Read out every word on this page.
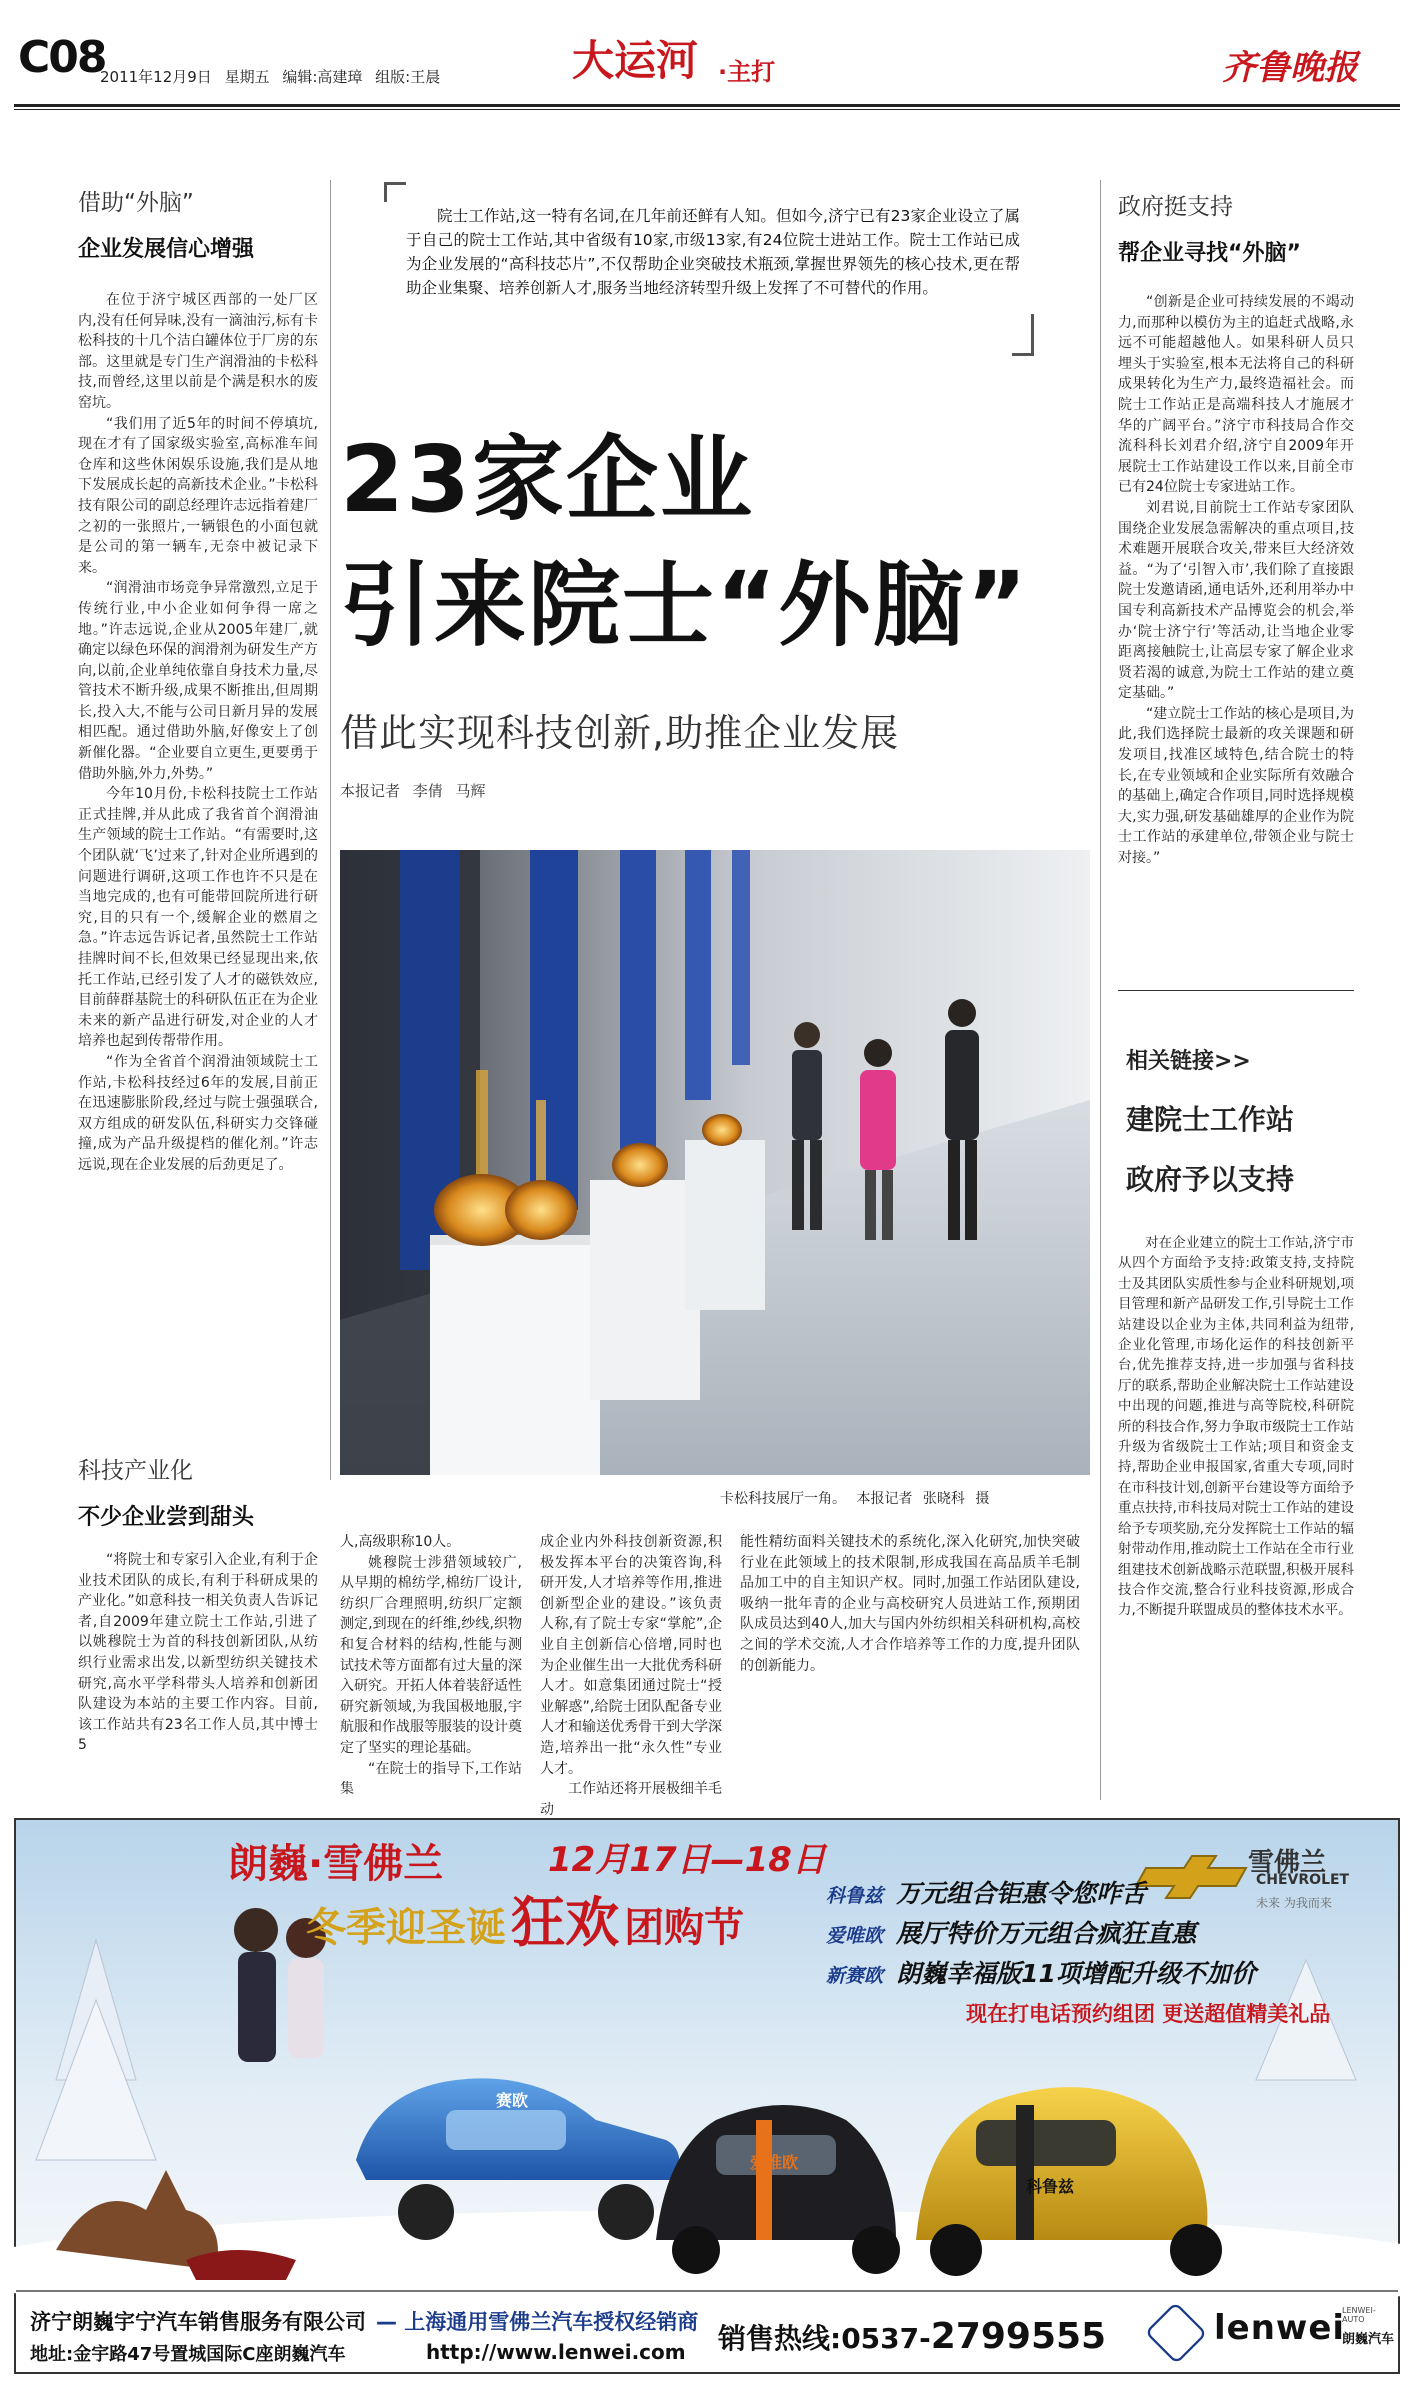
C08
2011年12月9日 星期五 编辑:高建璋 组版:王晨	大运河 ·主打	齐鲁晚报
借助“外脑”
企业发展信心增强

在位于济宁城区西部的一处厂区内,没有任何异味,没有一滴油污,标有卡松科技的十几个洁白罐体位于厂房的东部。这里就是专门生产润滑油的卡松科技,而曾经,这里以前是个满是积水的废窑坑。

“我们用了近5年的时间不停填坑,现在才有了国家级实验室,高标准车间仓库和这些休闲娱乐设施,我们是从地下发展成长起的高新技术企业。”卡松科技有限公司的副总经理许志远指着建厂之初的一张照片,一辆银色的小面包就是公司的第一辆车,无奈中被记录下来。

“润滑油市场竞争异常激烈,立足于传统行业,中小企业如何争得一席之地。”许志远说,企业从2005年建厂,就确定以绿色环保的润滑剂为研发生产方向,以前,企业单纯依靠自身技术力量,尽管技术不断升级,成果不断推出,但周期长,投入大,不能与公司日新月异的发展相匹配。通过借助外脑,好像安上了创新催化器。“企业要自立更生,更要勇于借助外脑,外力,外势。”

今年10月份,卡松科技院士工作站正式挂牌,并从此成了我省首个润滑油生产领域的院士工作站。“有需要时,这个团队就‘飞’过来了,针对企业所遇到的问题进行调研,这项工作也许不只是在当地完成的,也有可能带回院所进行研究,目的只有一个,缓解企业的燃眉之急。”许志远告诉记者,虽然院士工作站挂牌时间不长,但效果已经显现出来,依托工作站,已经引发了人才的磁铁效应,目前薛群基院士的科研队伍正在为企业未来的新产品进行研发,对企业的人才培养也起到传帮带作用。

“作为全省首个润滑油领域院士工作站,卡松科技经过6年的发展,目前正在迅速膨胀阶段,经过与院士强强联合,双方组成的研发队伍,科研实力交锋碰撞,成为产品升级提档的催化剂。”许志远说,现在企业发展的后劲更足了。

科技产业化
不少企业尝到甜头

“将院士和专家引入企业,有利于企业技术团队的成长,有利于科研成果的产业化。”如意科技一相关负责人告诉记者,自2009年建立院士工作站,引进了以姚穆院士为首的科技创新团队,从纺织行业需求出发,以新型纺织关键技术研究,高水平学科带头人培养和创新团队建设为本站的主要工作内容。目前,该工作站共有23名工作人员,其中博士5

院士工作站,这一特有名词,在几年前还鲜有人知。但如今,济宁已有23家企业设立了属于自己的院士工作站,其中省级有10家,市级13家,有24位院士进站工作。院士工作站已成为企业发展的“高科技芯片”,不仅帮助企业突破技术瓶颈,掌握世界领先的核心技术,更在帮助企业集聚、培养创新人才,服务当地经济转型升级上发挥了不可替代的作用。

23家企业
引来院士“外脑”
借此实现科技创新,助推企业发展
本报记者 李倩 马辉
卡松科技展厅一角。 本报记者 张晓科 摄
政府挺支持
帮企业寻找“外脑”

“创新是企业可持续发展的不竭动力,而那种以模仿为主的追赶式战略,永远不可能超越他人。如果科研人员只埋头于实验室,根本无法将自己的科研成果转化为生产力,最终造福社会。而院士工作站正是高端科技人才施展才华的广阔平台。”济宁市科技局合作交流科科长刘君介绍,济宁自2009年开展院士工作站建设工作以来,目前全市已有24位院士专家进站工作。

刘君说,目前院士工作站专家团队围绕企业发展急需解决的重点项目,技术难题开展联合攻关,带来巨大经济效益。“为了‘引智入市’,我们除了直接跟院士发邀请函,通电话外,还利用举办中国专利高新技术产品博览会的机会,举办‘院士济宁行’等活动,让当地企业零距离接触院士,让高层专家了解企业求贤若渴的诚意,为院士工作站的建立奠定基础。”

“建立院士工作站的核心是项目,为此,我们选择院士最新的攻关课题和研发项目,找准区域特色,结合院士的特长,在专业领域和企业实际所有效融合的基础上,确定合作项目,同时选择规模大,实力强,研发基础雄厚的企业作为院士工作站的承建单位,带领企业与院士对接。”

相关链接>>
建院士工作站
政府予以支持

对在企业建立的院士工作站,济宁市从四个方面给予支持:政策支持,支持院士及其团队实质性参与企业科研规划,项目管理和新产品研发工作,引导院士工作站建设以企业为主体,共同利益为纽带,企业化管理,市场化运作的科技创新平台,优先推荐支持,进一步加强与省科技厅的联系,帮助企业解决院士工作站建设中出现的问题,推进与高等院校,科研院所的科技合作,努力争取市级院士工作站升级为省级院士工作站;项目和资金支持,帮助企业申报国家,省重大专项,同时在市科技计划,创新平台建设等方面给予重点扶持,市科技局对院士工作站的建设给予专项奖励,充分发挥院士工作站的辐射带动作用,推动院士工作站在全市行业组建技术创新战略示范联盟,积极开展科技合作交流,整合行业科技资源,形成合力,不断提升联盟成员的整体技术水平。

人,高级职称10人。

姚穆院士涉猎领域较广,从早期的棉纺学,棉纺厂设计,纺织厂合理照明,纺织厂定额测定,到现在的纤维,纱线,织物和复合材料的结构,性能与测试技术等方面都有过大量的深入研究。开拓人体着装舒适性研究新领域,为我国极地服,宇航服和作战服等服装的设计奠定了坚实的理论基础。

“在院士的指导下,工作站集

成企业内外科技创新资源,积极发挥本平台的决策咨询,科研开发,人才培养等作用,推进创新型企业的建设。”该负责人称,有了院士专家“掌舵”,企业自主创新信心倍增,同时也为企业催生出一大批优秀科研人才。如意集团通过院士“授业解惑”,给院士团队配备专业人才和输送优秀骨干到大学深造,培养出一批“永久性”专业人才。

工作站还将开展极细羊毛动

能性精纺面料关键技术的系统化,深入化研究,加快突破行业在此领域上的技术限制,形成我国在高品质羊毛制品加工中的自主知识产权。同时,加强工作站团队建设,吸纳一批年青的企业与高校研究人员进站工作,预期团队成员达到40人,加大与国内外纺织相关科研机构,高校之间的学术交流,人才合作培养等工作的力度,提升团队的创新能力。

朗巍·雪佛兰	12月17日—18日
冬季迎圣诞 狂欢 团购节
科鲁兹 万元组合钜惠令您咋舌
爱唯欧 展厅特价万元组合疯狂直惠
新赛欧 朗巍幸福版11项增配升级不加价
现在打电话预约组团 更送超值精美礼品
雪佛兰
CHEVROLET
未来 为我而来
赛欧
爱唯欧
科鲁兹
济宁朗巍宇宁汽车销售服务有限公司 — 上海通用雪佛兰汽车授权经销商
地址:金宇路47号置城国际C座朗巍汽车	http://www.lenwei.com 销售热线:0537-2799555	lenwei
LENWEI-AUTO
朗巍汽车
